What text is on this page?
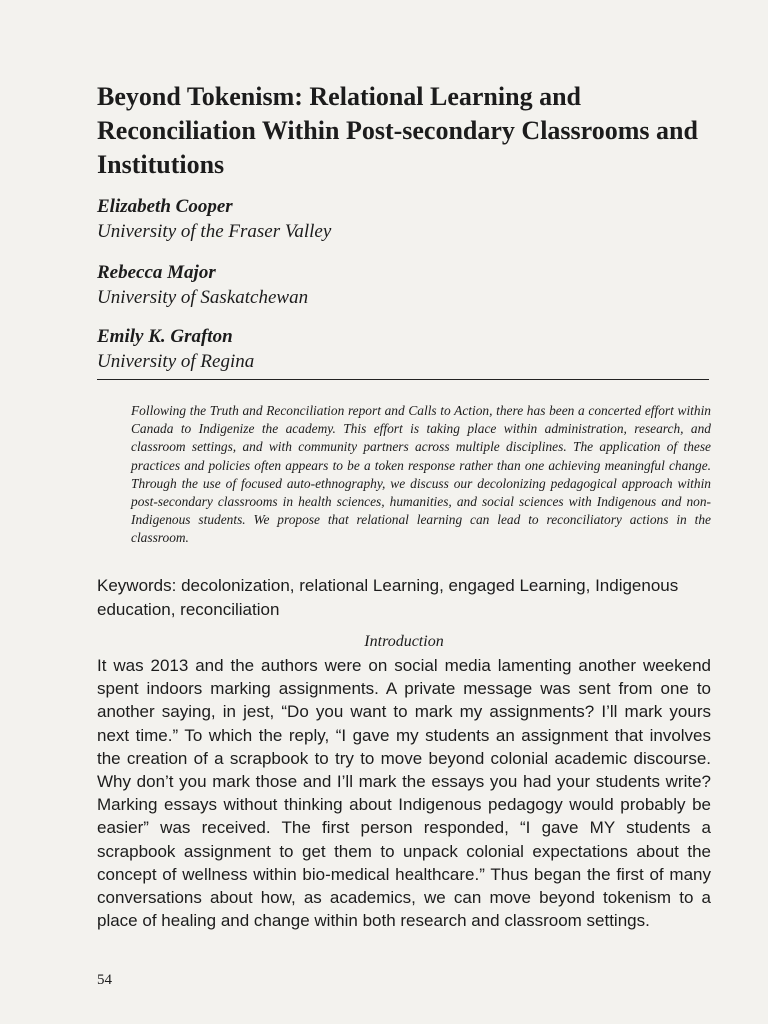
Beyond Tokenism: Relational Learning and Reconciliation Within Post-secondary Classrooms and Institutions
Elizabeth Cooper
University of the Fraser Valley
Rebecca Major
University of Saskatchewan
Emily K. Grafton
University of Regina

Following the Truth and Reconciliation report and Calls to Action, there has been a concerted effort within Canada to Indigenize the academy. This effort is taking place within administration, research, and classroom settings, and with community partners across multiple disciplines. The application of these practices and policies often appears to be a token response rather than one achieving meaningful change. Through the use of focused auto-ethnography, we discuss our decolonizing pedagogical approach within post-secondary classrooms in health sciences, humanities, and social sciences with Indigenous and non-Indigenous students. We propose that relational learning can lead to reconciliatory actions in the classroom.

Keywords: decolonization, relational Learning, engaged Learning, Indigenous education, reconciliation

Introduction

It was 2013 and the authors were on social media lamenting another weekend spent indoors marking assignments. A private message was sent from one to another saying, in jest, “Do you want to mark my assignments? I’ll mark yours next time.” To which the reply, “I gave my students an assignment that involves the creation of a scrapbook to try to move beyond colonial academic discourse. Why don’t you mark those and I’ll mark the essays you had your students write? Marking essays without thinking about Indigenous pedagogy would probably be easier” was received. The first person responded, “I gave MY students a scrapbook assignment to get them to unpack colonial expectations about the concept of wellness within bio-medical healthcare.” Thus began the first of many conversations about how, as academics, we can move beyond tokenism to a place of healing and change within both research and classroom settings.

54
